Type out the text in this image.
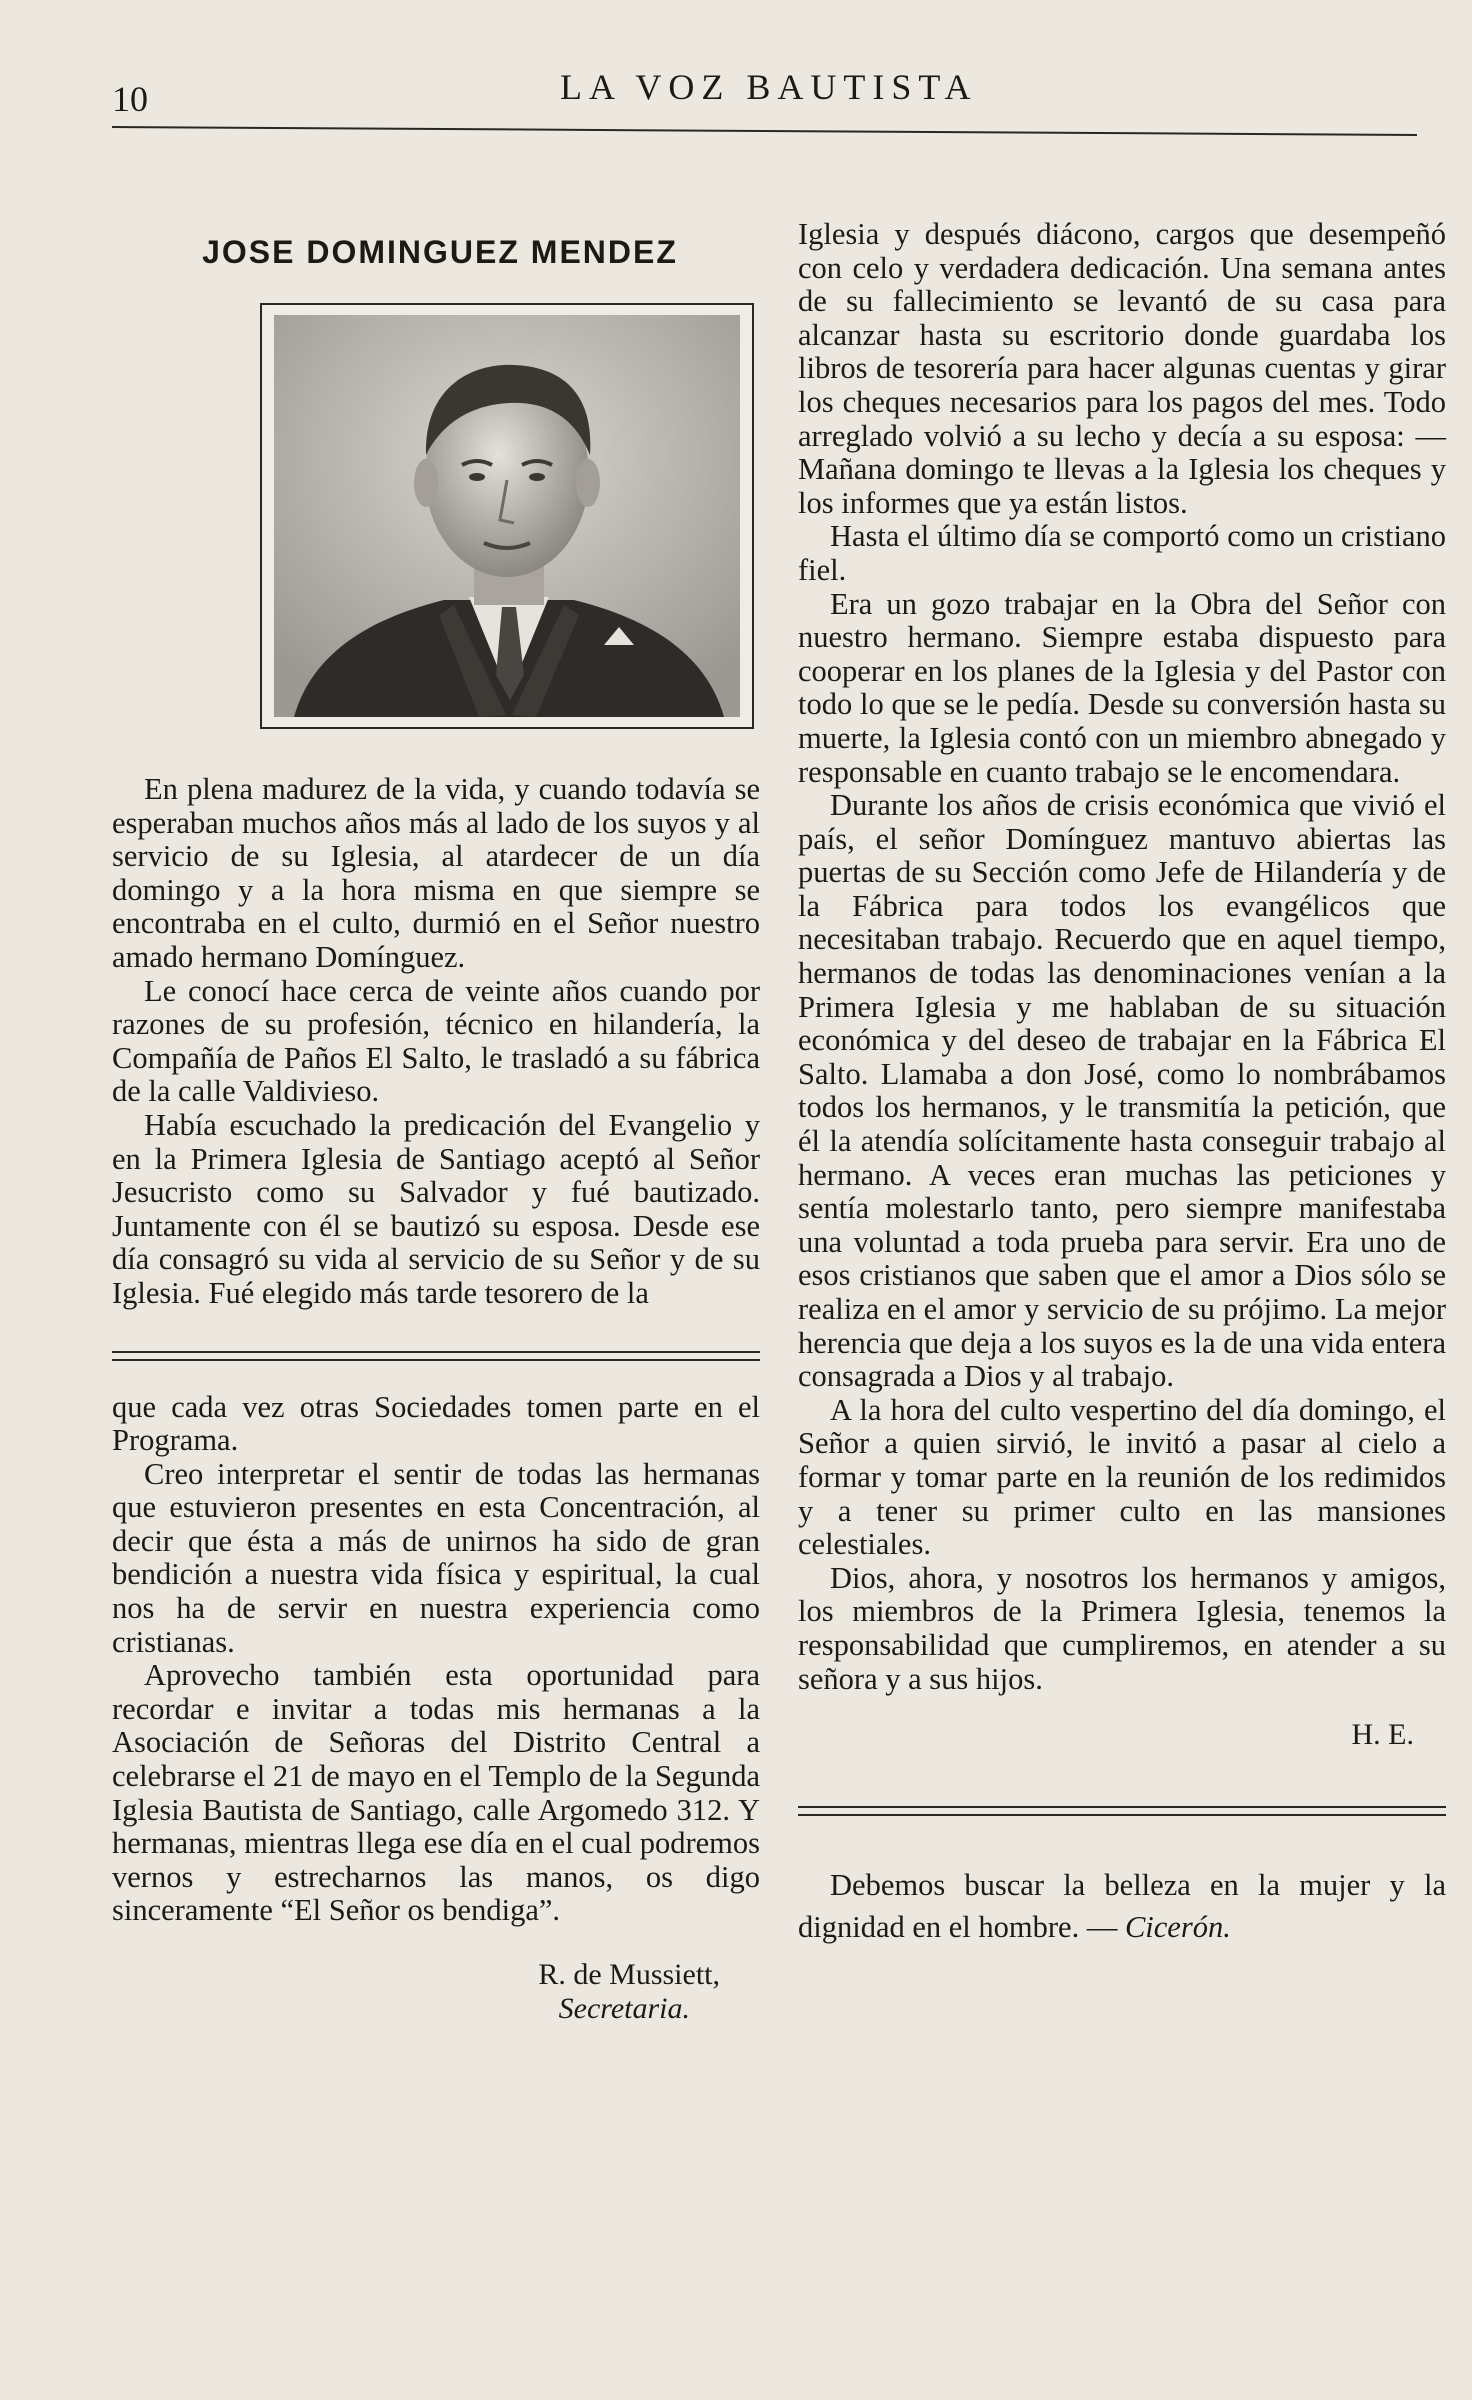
10	LA VOZ BAUTISTA
JOSE DOMINGUEZ MENDEZ

En plena madurez de la vida, y cuando todavía se esperaban muchos años más al lado de los suyos y al servicio de su Iglesia, al atardecer de un día domingo y a la hora misma en que siempre se encontraba en el culto, durmió en el Señor nuestro amado hermano Domínguez.

Le conocí hace cerca de veinte años cuando por razones de su profesión, técnico en hilandería, la Compañía de Paños El Salto, le trasladó a su fábrica de la calle Valdivieso.

Había escuchado la predicación del Evangelio y en la Primera Iglesia de Santiago aceptó al Señor Jesucristo como su Salvador y fué bautizado. Juntamente con él se bautizó su esposa. Desde ese día consagró su vida al servicio de su Señor y de su Iglesia. Fué elegido más tarde tesorero de la

que cada vez otras Sociedades tomen parte en el Programa.

Creo interpretar el sentir de todas las hermanas que estuvieron presentes en esta Concentración, al decir que ésta a más de unirnos ha sido de gran bendición a nuestra vida física y espiritual, la cual nos ha de servir en nuestra experiencia como cristianas.

Aprovecho también esta oportunidad para recordar e invitar a todas mis hermanas a la Asociación de Señoras del Distrito Central a celebrarse el 21 de mayo en el Templo de la Segunda Iglesia Bautista de Santiago, calle Argomedo 312. Y hermanas, mientras llega ese día en el cual podremos vernos y estrecharnos las manos, os digo sinceramente “El Señor os bendiga”.

R. de Mussiett,
Secretaria.

Iglesia y después diácono, cargos que desempeñó con celo y verdadera dedicación. Una semana antes de su fallecimiento se levantó de su casa para alcanzar hasta su escritorio donde guardaba los libros de tesorería para hacer algunas cuentas y girar los cheques necesarios para los pagos del mes. Todo arreglado volvió a su lecho y decía a su esposa: —Mañana domingo te llevas a la Iglesia los cheques y los informes que ya están listos.

Hasta el último día se comportó como un cristiano fiel.

Era un gozo trabajar en la Obra del Señor con nuestro hermano. Siempre estaba dispuesto para cooperar en los planes de la Iglesia y del Pastor con todo lo que se le pedía. Desde su conversión hasta su muerte, la Iglesia contó con un miembro abnegado y responsable en cuanto trabajo se le encomendara.

Durante los años de crisis económica que vivió el país, el señor Domínguez mantuvo abiertas las puertas de su Sección como Jefe de Hilandería y de la Fábrica para todos los evangélicos que necesitaban trabajo. Recuerdo que en aquel tiempo, hermanos de todas las denominaciones venían a la Primera Iglesia y me hablaban de su situación económica y del deseo de trabajar en la Fábrica El Salto. Llamaba a don José, como lo nombrábamos todos los hermanos, y le transmitía la petición, que él la atendía solícitamente hasta conseguir trabajo al hermano. A veces eran muchas las peticiones y sentía molestarlo tanto, pero siempre manifestaba una voluntad a toda prueba para servir. Era uno de esos cristianos que saben que el amor a Dios sólo se realiza en el amor y servicio de su prójimo. La mejor herencia que deja a los suyos es la de una vida entera consagrada a Dios y al trabajo.

A la hora del culto vespertino del día domingo, el Señor a quien sirvió, le invitó a pasar al cielo a formar y tomar parte en la reunión de los redimidos y a tener su primer culto en las mansiones celestiales.

Dios, ahora, y nosotros los hermanos y amigos, los miembros de la Primera Iglesia, tenemos la responsabilidad que cumpliremos, en atender a su señora y a sus hijos.

H. E.

Debemos buscar la belleza en la mujer y la dignidad en el hombre. — Cicerón.
